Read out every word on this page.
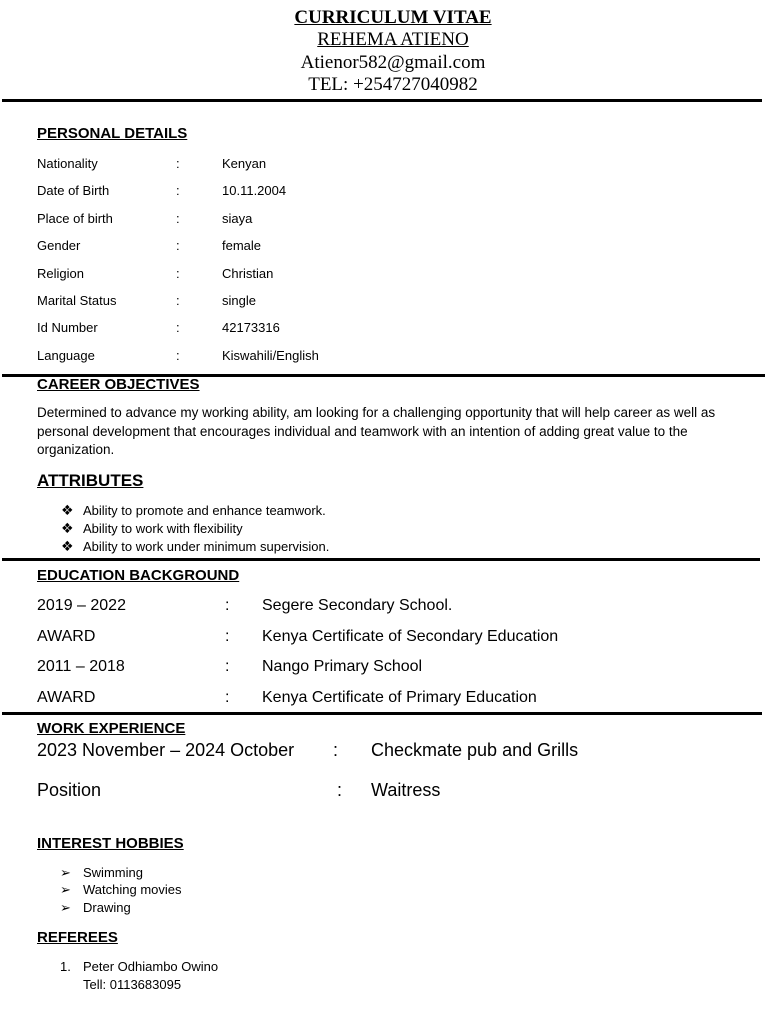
CURRICULUM VITAE
REHEMA ATIENO
Atienor582@gmail.com
TEL: +254727040982
PERSONAL DETAILS
Nationality	:	Kenyan
Date of Birth	:	10.11.2004
Place of birth	:	siaya
Gender	:	female
Religion	:	Christian
Marital Status	:	single
Id Number	:	42173316
Language	:	Kiswahili/English
CAREER OBJECTIVES
Determined to advance my working ability, am looking for a challenging opportunity that will help career as well as personal development that encourages individual and teamwork with an intention of adding great value to the organization.
ATTRIBUTES
❖ Ability to promote and enhance teamwork.
❖ Ability to work with flexibility
❖ Ability to work under minimum supervision.
EDUCATION BACKGROUND
2019 – 2022	: Segere Secondary School.
AWARD	: Kenya Certificate of Secondary Education
2011 – 2018	: Nango Primary School
AWARD	: Kenya Certificate of Primary Education
WORK EXPERIENCE
2023 November – 2024 October : Checkmate pub and Grills
Position	: Waitress
INTEREST HOBBIES
➢ Swimming
➢ Watching movies
➢ Drawing
REFEREES
1. Peter Odhiambo Owino
Tell: 0113683095
